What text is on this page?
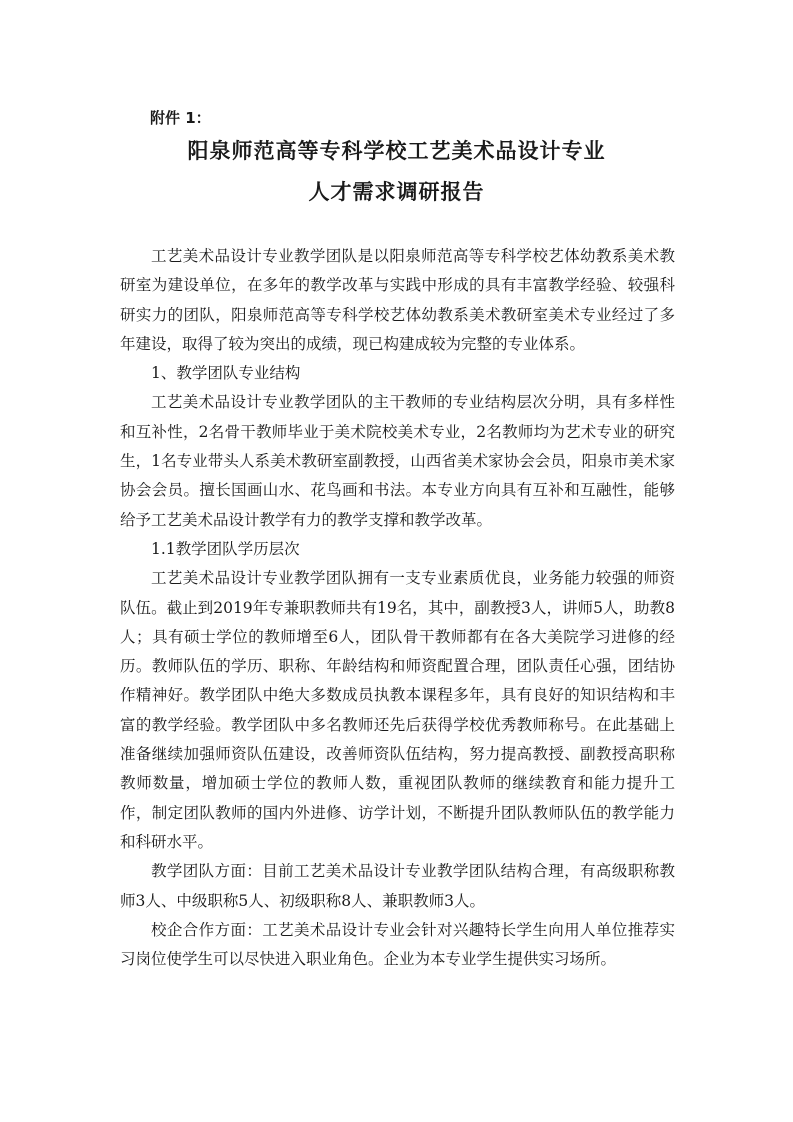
附件 1：
阳泉师范高等专科学校工艺美术品设计专业
人才需求调研报告

工艺美术品设计专业教学团队是以阳泉师范高等专科学校艺体幼教系美术教研室为建设单位，在多年的教学改革与实践中形成的具有丰富教学经验、较强科研实力的团队，阳泉师范高等专科学校艺体幼教系美术教研室美术专业经过了多年建设，取得了较为突出的成绩，现已构建成较为完整的专业体系。

1、教学团队专业结构

工艺美术品设计专业教学团队的主干教师的专业结构层次分明，具有多样性和互补性，2名骨干教师毕业于美术院校美术专业，2名教师均为艺术专业的研究生，1名专业带头人系美术教研室副教授，山西省美术家协会会员，阳泉市美术家协会会员。擅长国画山水、花鸟画和书法。本专业方向具有互补和互融性，能够给予工艺美术品设计教学有力的教学支撑和教学改革。

1.1教学团队学历层次

工艺美术品设计专业教学团队拥有一支专业素质优良，业务能力较强的师资队伍。截止到2019年专兼职教师共有19名，其中，副教授3人，讲师5人，助教8人；具有硕士学位的教师增至6人，团队骨干教师都有在各大美院学习进修的经历。教师队伍的学历、职称、年龄结构和师资配置合理，团队责任心强，团结协作精神好。教学团队中绝大多数成员执教本课程多年，具有良好的知识结构和丰富的教学经验。教学团队中多名教师还先后获得学校优秀教师称号。在此基础上准备继续加强师资队伍建设，改善师资队伍结构，努力提高教授、副教授高职称教师数量，增加硕士学位的教师人数，重视团队教师的继续教育和能力提升工作，制定团队教师的国内外进修、访学计划，不断提升团队教师队伍的教学能力和科研水平。

教学团队方面：目前工艺美术品设计专业教学团队结构合理，有高级职称教师3人、中级职称5人、初级职称8人、兼职教师3人。

校企合作方面：工艺美术品设计专业会针对兴趣特长学生向用人单位推荐实习岗位使学生可以尽快进入职业角色。企业为本专业学生提供实习场所。
